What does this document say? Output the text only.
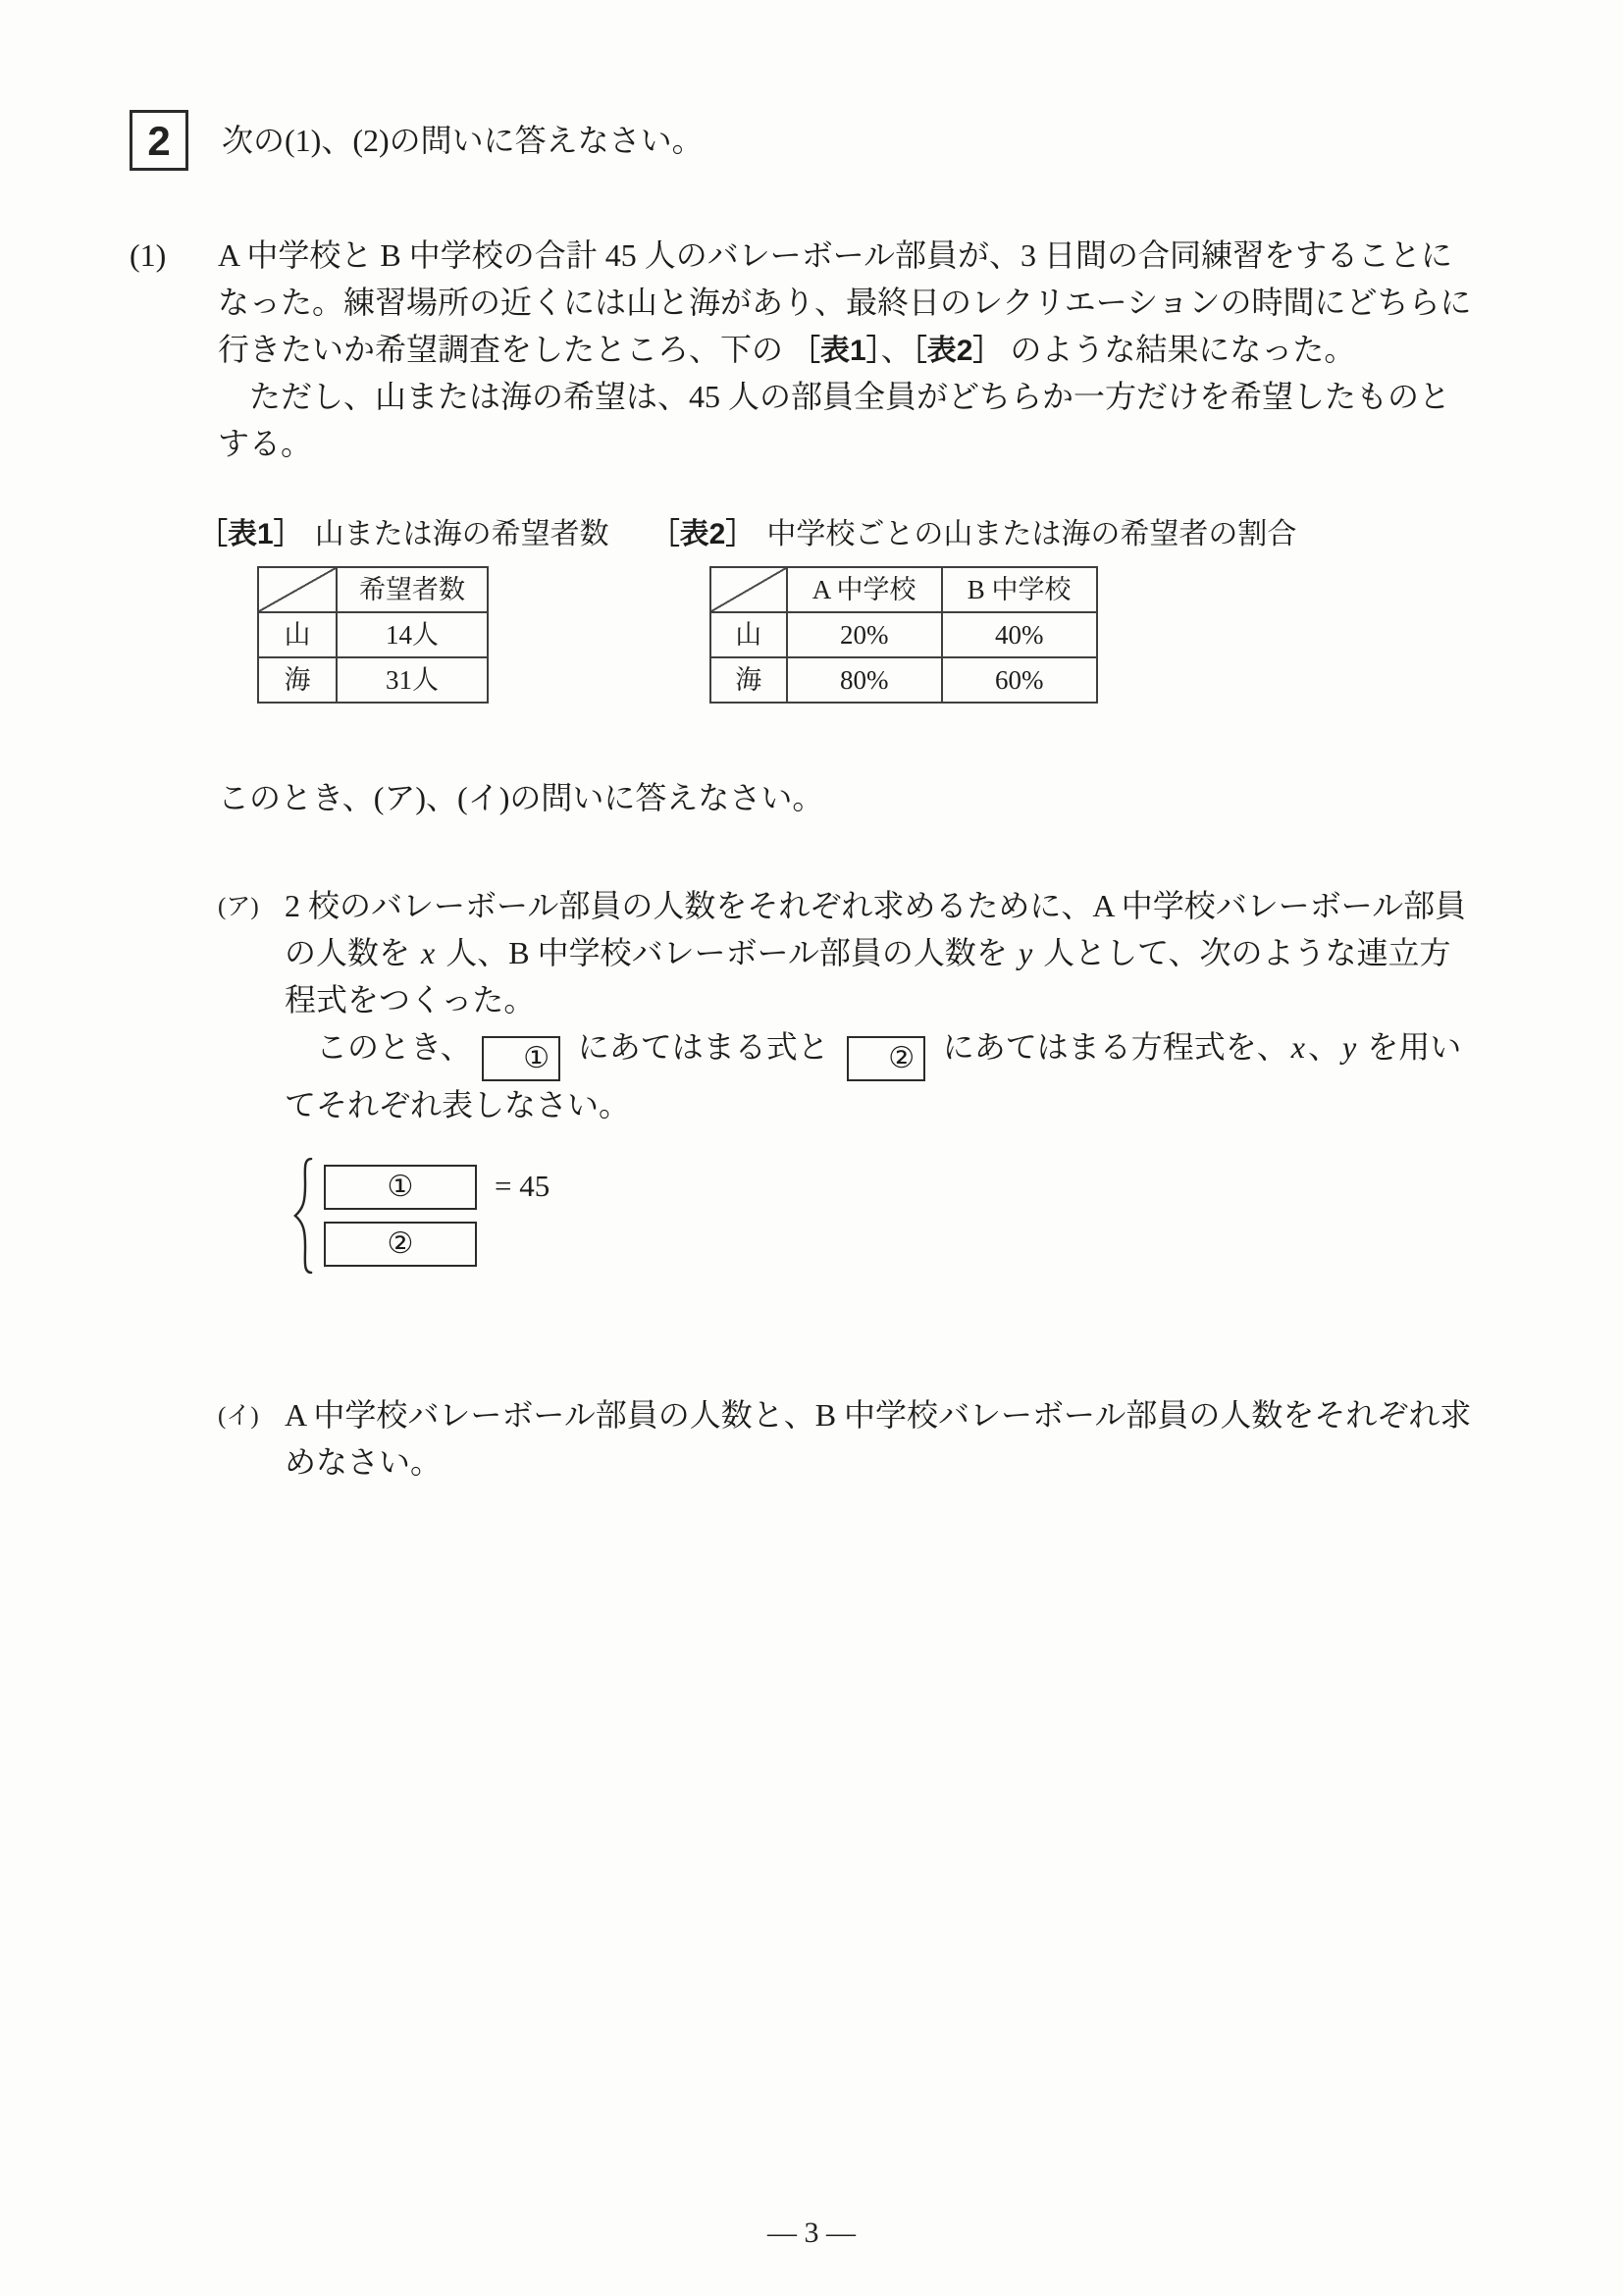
2 次の(1)、(2)の問いに答えなさい。

(1)	A 中学校と B 中学校の合計 45 人のバレーボール部員が、3 日間の合同練習をすることになった。練習場所の近くには山と海があり、最終日のレクリエーションの時間にどちらに行きたいか希望調査をしたところ、下の ［表1］、［表2］ のような結果になった。

ただし、山または海の希望は、45 人の部員全員がどちらか一方だけを希望したものとする。

［表1］ 山または海の希望者数
	希望者数
山	14人
海	31人
［表2］ 中学校ごとの山または海の希望者の割合
	A 中学校	B 中学校
山	20%	40%
海	80%	60%

このとき、(ア)、(イ)の問いに答えなさい。

(ア) 2 校のバレーボール部員の人数をそれぞれ求めるために、A 中学校バレーボール部員の人数を x 人、B 中学校バレーボール部員の人数を y 人として、次のような連立方程式をつくった。

このとき、 ① にあてはまる式と ② にあてはまる方程式を、x、y を用いてそれぞれ表しなさい。

①	= 45
②
(イ) A 中学校バレーボール部員の人数と、B 中学校バレーボール部員の人数をそれぞれ求めなさい。

— 3 —
